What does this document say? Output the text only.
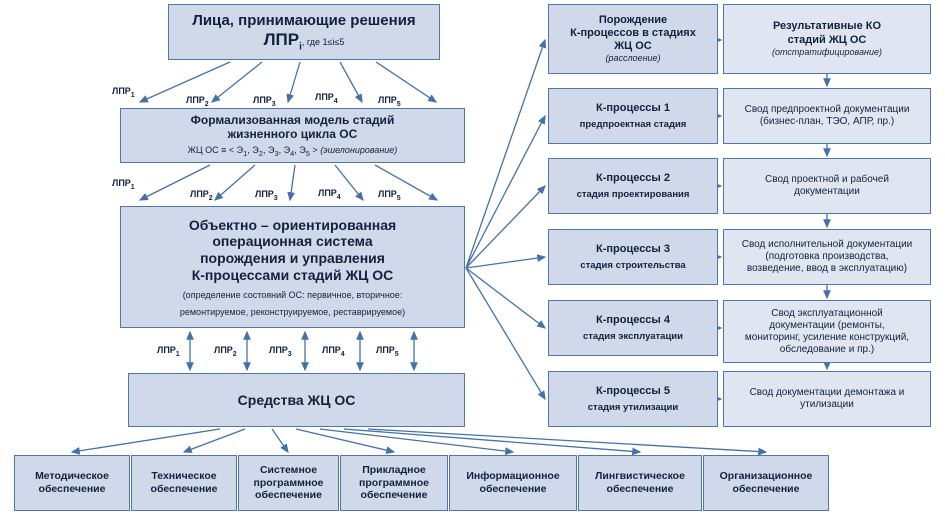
Лица, принимающие решения
$ЛПР_i$, где 1≤i≤5
$ЛПР_1$	$ЛПР_2$	$ЛПР_3$
$ЛПР_4$	$ЛПР_5$
Формализованная модель стадий
жизненного цикла ОС
ЖЦ ОС ≡ < $Э_1$, $Э_2$, $Э_3$, $Э_4$, $Э_5$ > (эшелонирование)
$ЛПР_1$
$ЛПР_2$	$ЛПР_3$
$ЛПР_4$	$ЛПР_5$
Объектно – ориентированная
операционная система
порождения и управления
К-процессами стадий ЖЦ ОС
(определение состояний ОС: первичное, вторичное:
ремонтируемое, реконструируемое, реставрируемое)
$ЛПР_1$	$ЛПР_2$	$ЛПР_3$	$ЛПР_4$	$ЛПР_5$
Средства ЖЦ ОС
Методическое
обеспечение
Техническое
обеспечение
Системное
программное
обеспечение
Прикладное
программное
обеспечение
Информационное
обеспечение
Лингвистическое
обеспечение
Организационное
обеспечение
Порождение
К-процессов в стадиях
ЖЦ ОС
(расслоение)
К-процессы 1
предпроектная стадия
К-процессы 2
стадия проектирования
К-процессы 3
стадия строительства
К-процессы 4
стадия эксплуатации
К-процессы 5
стадия утилизации
Результативные КО
стадий ЖЦ ОС
(отстратифицирование)
Свод предпроектной документации
(бизнес-план, ТЭО, АПР, пр.)
Свод проектной и рабочей
документации
Свод исполнительной документации
(подготовка производства,
возведение, ввод в эксплуатацию)
Свод эксплуатационной
документации (ремонты,
мониторинг, усиление конструкций,
обследование и пр.)
Свод документации демонтажа и
утилизации
